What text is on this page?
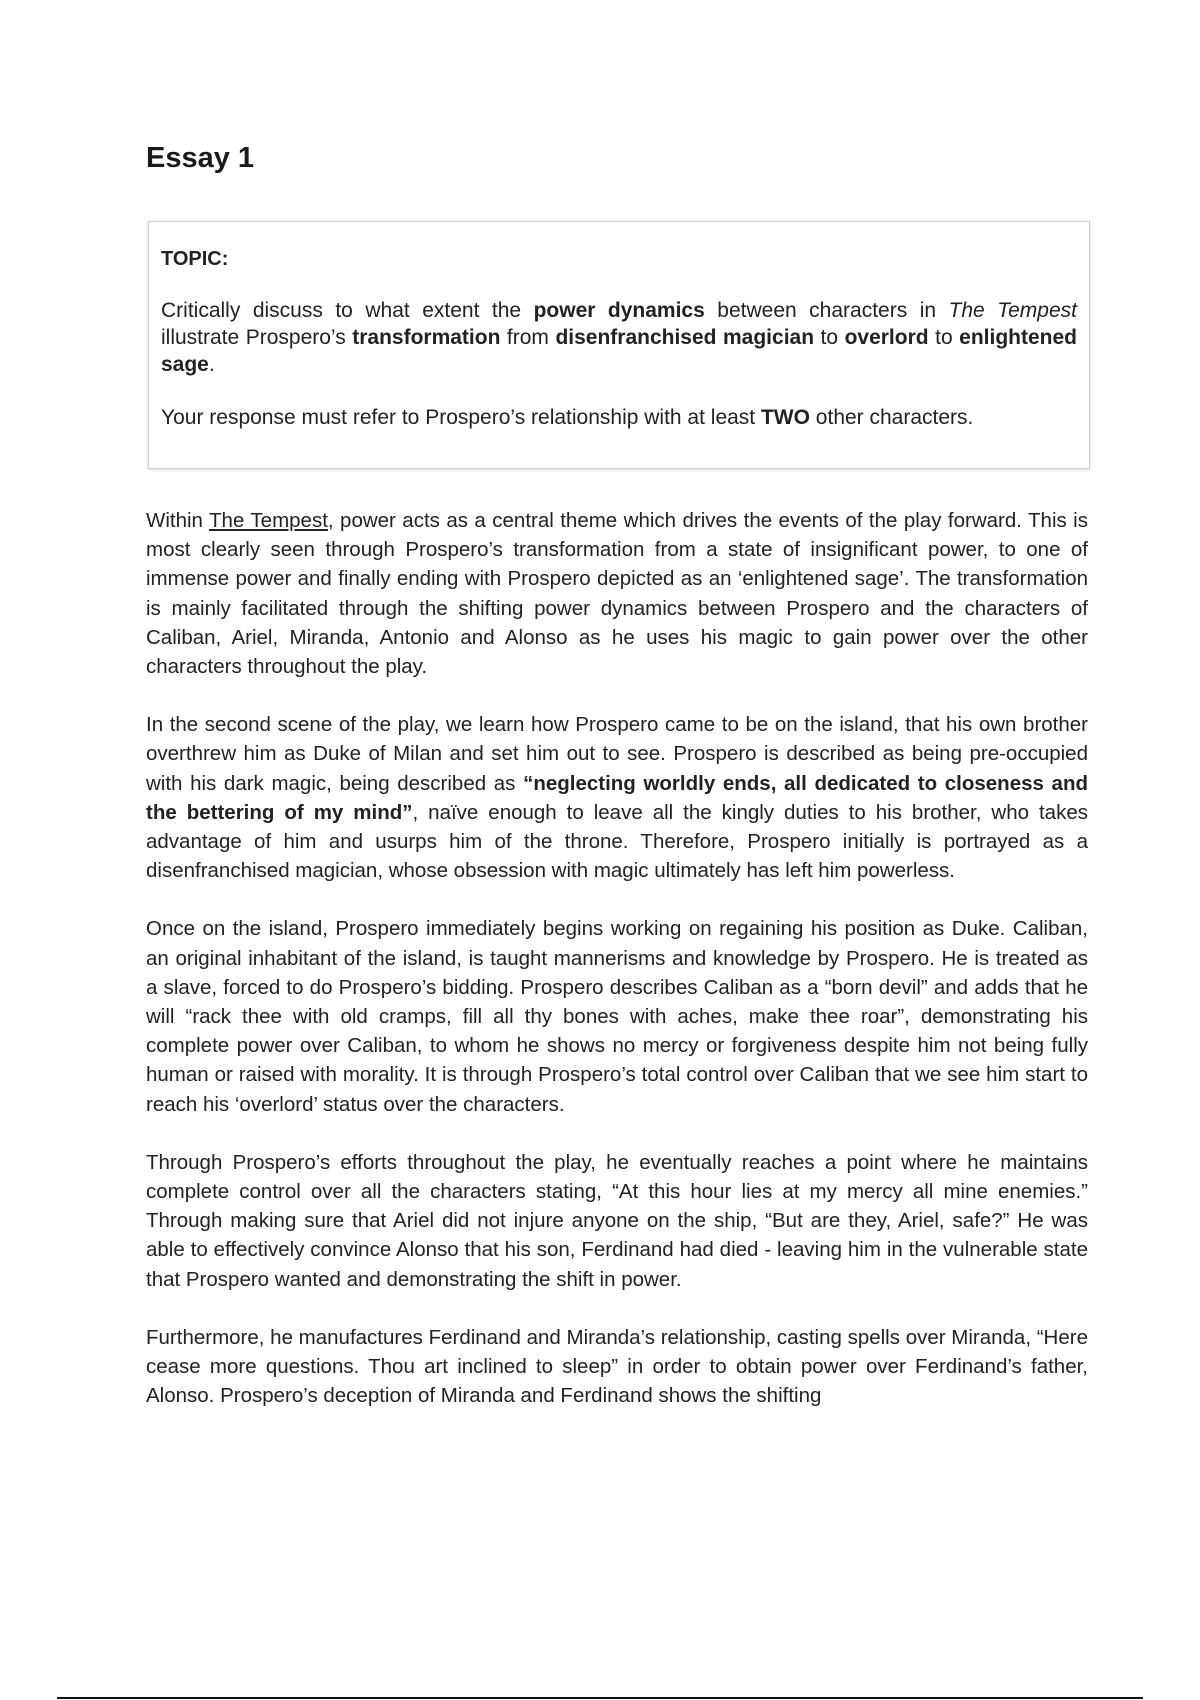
Essay 1

TOPIC:

Critically discuss to what extent the power dynamics between characters in The Tempest illustrate Prospero’s transformation from disenfranchised magician to overlord to enlightened sage.

Your response must refer to Prospero’s relationship with at least TWO other characters.

Within The Tempest, power acts as a central theme which drives the events of the play forward. This is most clearly seen through Prospero’s transformation from a state of insignificant power, to one of immense power and finally ending with Prospero depicted as an ‘enlightened sage’. The transformation is mainly facilitated through the shifting power dynamics between Prospero and the characters of Caliban, Ariel, Miranda, Antonio and Alonso as he uses his magic to gain power over the other characters throughout the play.

In the second scene of the play, we learn how Prospero came to be on the island, that his own brother overthrew him as Duke of Milan and set him out to see. Prospero is described as being pre-occupied with his dark magic, being described as “neglecting worldly ends, all dedicated to closeness and the bettering of my mind”, naïve enough to leave all the kingly duties to his brother, who takes advantage of him and usurps him of the throne. Therefore, Prospero initially is portrayed as a disenfranchised magician, whose obsession with magic ultimately has left him powerless.

Once on the island, Prospero immediately begins working on regaining his position as Duke. Caliban, an original inhabitant of the island, is taught mannerisms and knowledge by Prospero. He is treated as a slave, forced to do Prospero’s bidding. Prospero describes Caliban as a “born devil” and adds that he will “rack thee with old cramps, fill all thy bones with aches, make thee roar”, demonstrating his complete power over Caliban, to whom he shows no mercy or forgiveness despite him not being fully human or raised with morality. It is through Prospero’s total control over Caliban that we see him start to reach his ‘overlord’ status over the characters.

Through Prospero’s efforts throughout the play, he eventually reaches a point where he maintains complete control over all the characters stating, “At this hour lies at my mercy all mine enemies.” Through making sure that Ariel did not injure anyone on the ship, “But are they, Ariel, safe?” He was able to effectively convince Alonso that his son, Ferdinand had died - leaving him in the vulnerable state that Prospero wanted and demonstrating the shift in power.

Furthermore, he manufactures Ferdinand and Miranda’s relationship, casting spells over Miranda, “Here cease more questions. Thou art inclined to sleep” in order to obtain power over Ferdinand’s father, Alonso. Prospero’s deception of Miranda and Ferdinand shows the shifting
